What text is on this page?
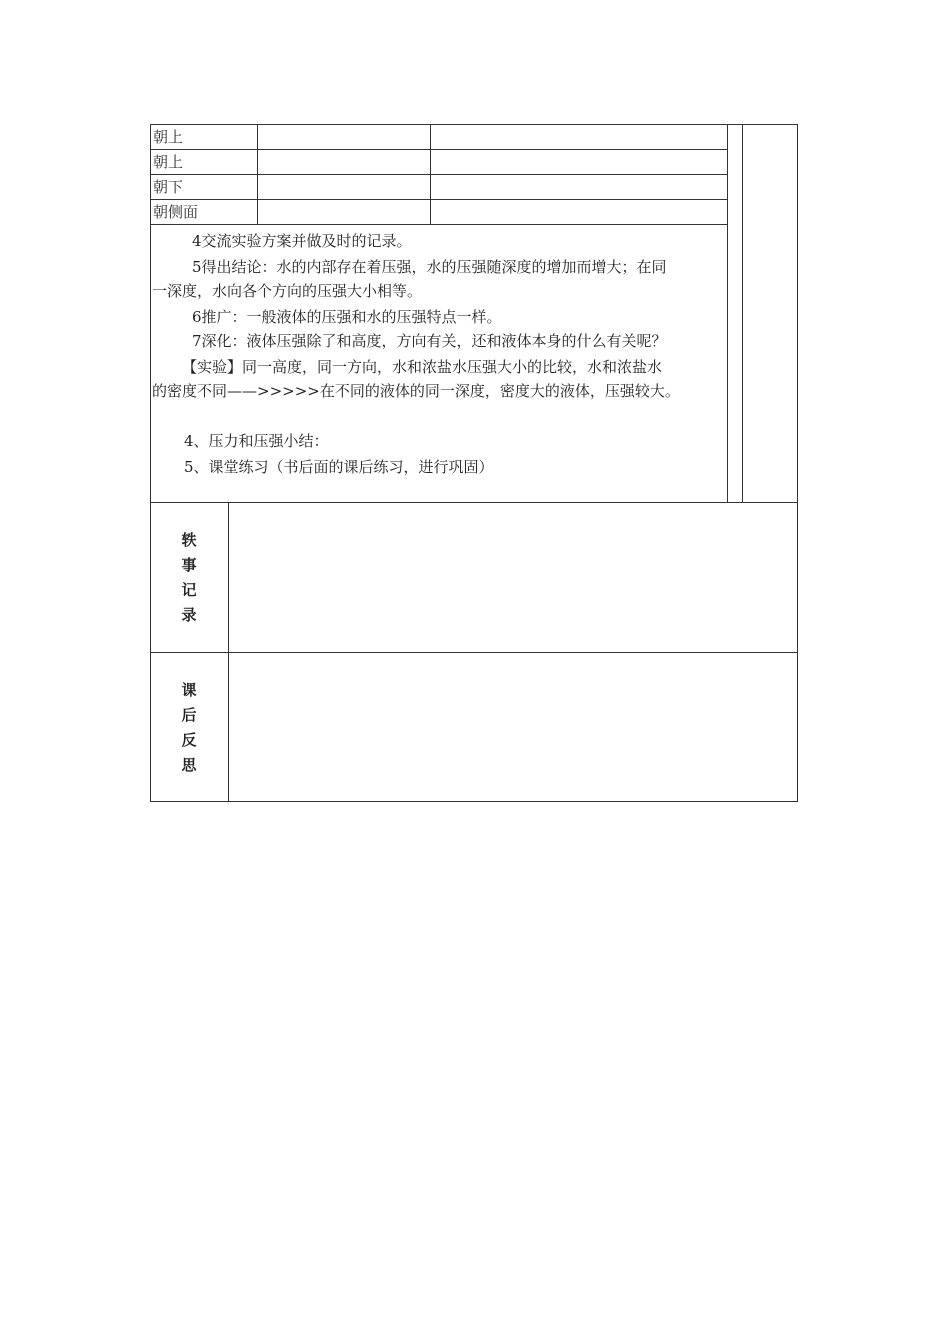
朝上		
朝上		
朝下		
朝侧面		
4交流实验方案并做及时的记录。
5得出结论：水的内部存在着压强，水的压强随深度的增加而增大；在同
一深度，水向各个方向的压强大小相等。
6推广：一般液体的压强和水的压强特点一样。
7深化：液体压强除了和高度，方向有关，还和液体本身的什么有关呢？
【实验】同一高度，同一方向，水和浓盐水压强大小的比较，水和浓盐水
的密度不同——>>>>>在不同的液体的同一深度，密度大的液体，压强较大。
4、压力和压强小结：
5、课堂练习（书后面的课后练习，进行巩固）
轶
事
记
录
课
后
反
思
